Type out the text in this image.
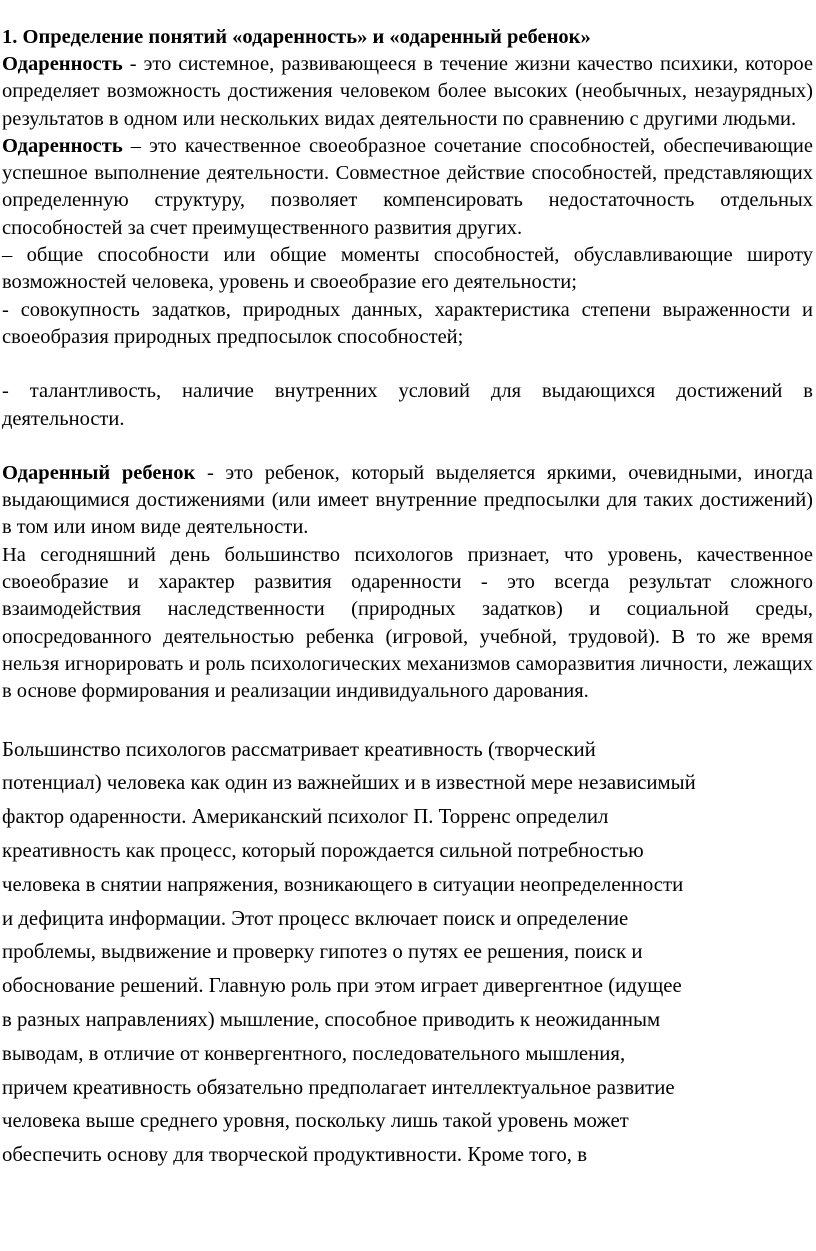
1. Определение понятий «одаренность» и «одаренный ребенок»

Одаренность - это системное, развивающееся в течение жизни качество психики, которое определяет возможность достижения человеком более высоких (необычных, незаурядных) результатов в одном или нескольких видах деятельности по сравнению с другими людьми.

Одаренность – это качественное своеобразное сочетание способностей, обеспечивающие успешное выполнение деятельности. Совместное действие способностей, представляющих определенную структуру, позволяет компенсировать недостаточность отдельных способностей за счет преимущественного развития других.

– общие способности или общие моменты способностей, обуславливающие широту возможностей человека, уровень и своеобразие его деятельности;

- совокупность задатков, природных данных, характеристика степени выраженности и своеобразия природных предпосылок способностей;

- талантливость, наличие внутренних условий для выдающихся достижений в деятельности.

Одаренный ребенок - это ребенок, который выделяется яркими, очевидными, иногда выдающимися достижениями (или имеет внутренние предпосылки для таких достижений) в том или ином виде деятельности.

На сегодняшний день большинство психологов признает, что уровень, качественное своеобразие и характер развития одаренности - это всегда результат сложного взаимодействия наследственности (природных задатков) и социальной среды, опосредованного деятельностью ребенка (игровой, учебной, трудовой). В то же время нельзя игнорировать и роль психологических механизмов саморазвития личности, лежащих в основе формирования и реализации индивидуального дарования.

Большинство психологов рассматривает креативность (творческий
потенциал) человека как один из важнейших и в известной мере независимый
фактор одаренности. Американский психолог П. Торренс определил
креативность как процесс, который порождается сильной потребностью
человека в снятии напряжения, возникающего в ситуации неопределенности
и дефицита информации. Этот процесс включает поиск и определение
проблемы, выдвижение и проверку гипотез о путях ее решения, поиск и
обоснование решений. Главную роль при этом играет дивергентное (идущее
в разных направлениях) мышление, способное приводить к неожиданным
выводам, в отличие от конвергентного, последовательного мышления,
причем креативность обязательно предполагает интеллектуальное развитие
человека выше среднего уровня, поскольку лишь такой уровень может
обеспечить основу для творческой продуктивности. Кроме того, в
